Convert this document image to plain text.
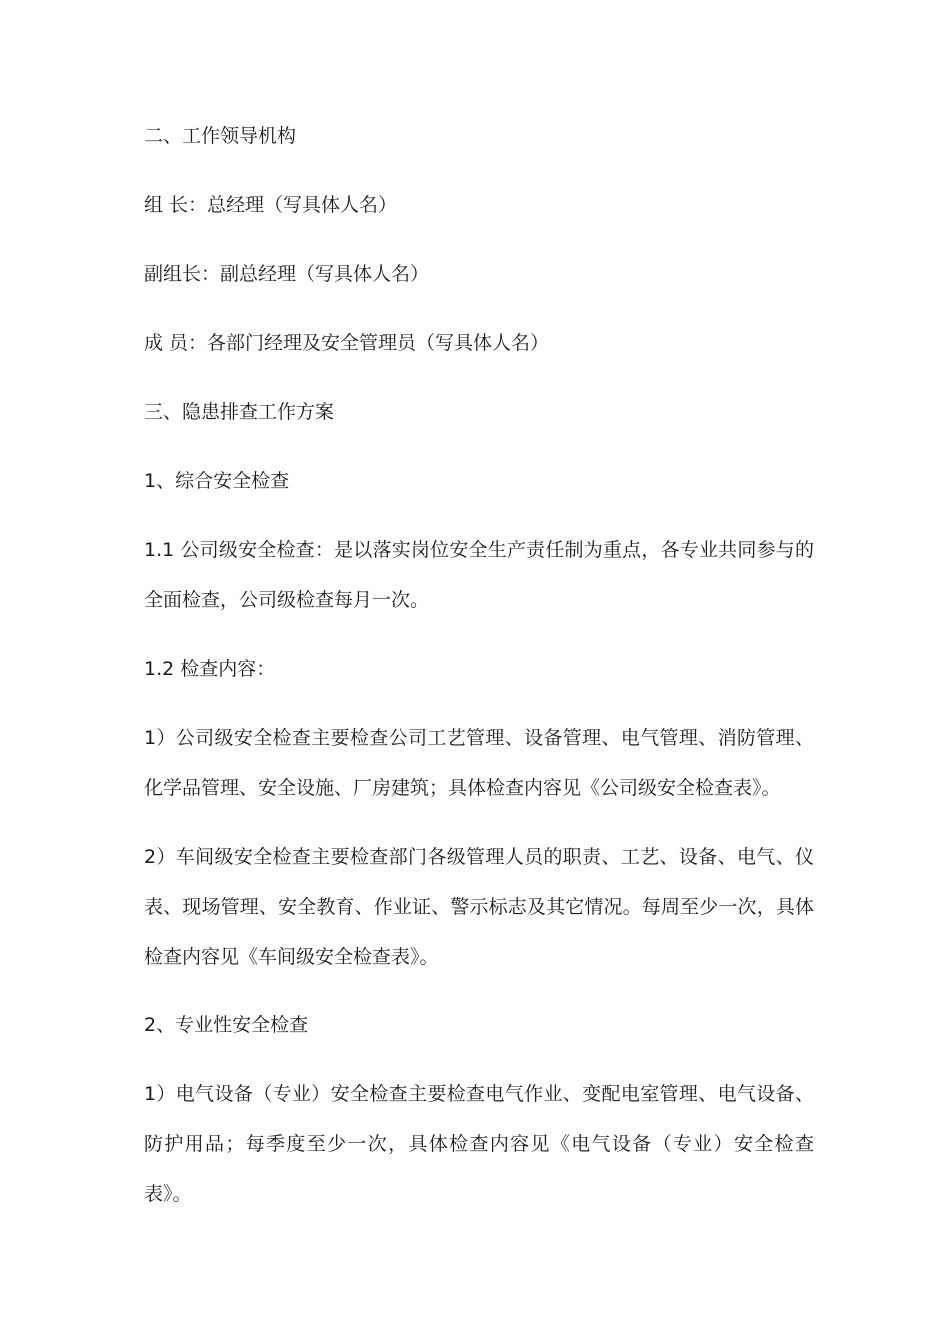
二、工作领导机构
组 长：总经理（写具体人名）
副组长：副总经理（写具体人名）
成 员：各部门经理及安全管理员（写具体人名）
三、隐患排查工作方案
1、综合安全检查
1.1 公司级安全检查：是以落实岗位安全生产责任制为重点，各专业共同参与的全面检查，公司级检查每月一次。
1.2 检查内容：
1）公司级安全检查主要检查公司工艺管理、设备管理、电气管理、消防管理、化学品管理、安全设施、厂房建筑；具体检查内容见《公司级安全检查表》。
2）车间级安全检查主要检查部门各级管理人员的职责、工艺、设备、电气、仪表、现场管理、安全教育、作业证、警示标志及其它情况。每周至少一次，具体检查内容见《车间级安全检查表》。
2、专业性安全检查
1）电气设备（专业）安全检查主要检查电气作业、变配电室管理、电气设备、防护用品；每季度至少一次，具体检查内容见《电气设备（专业）安全检查表》。
